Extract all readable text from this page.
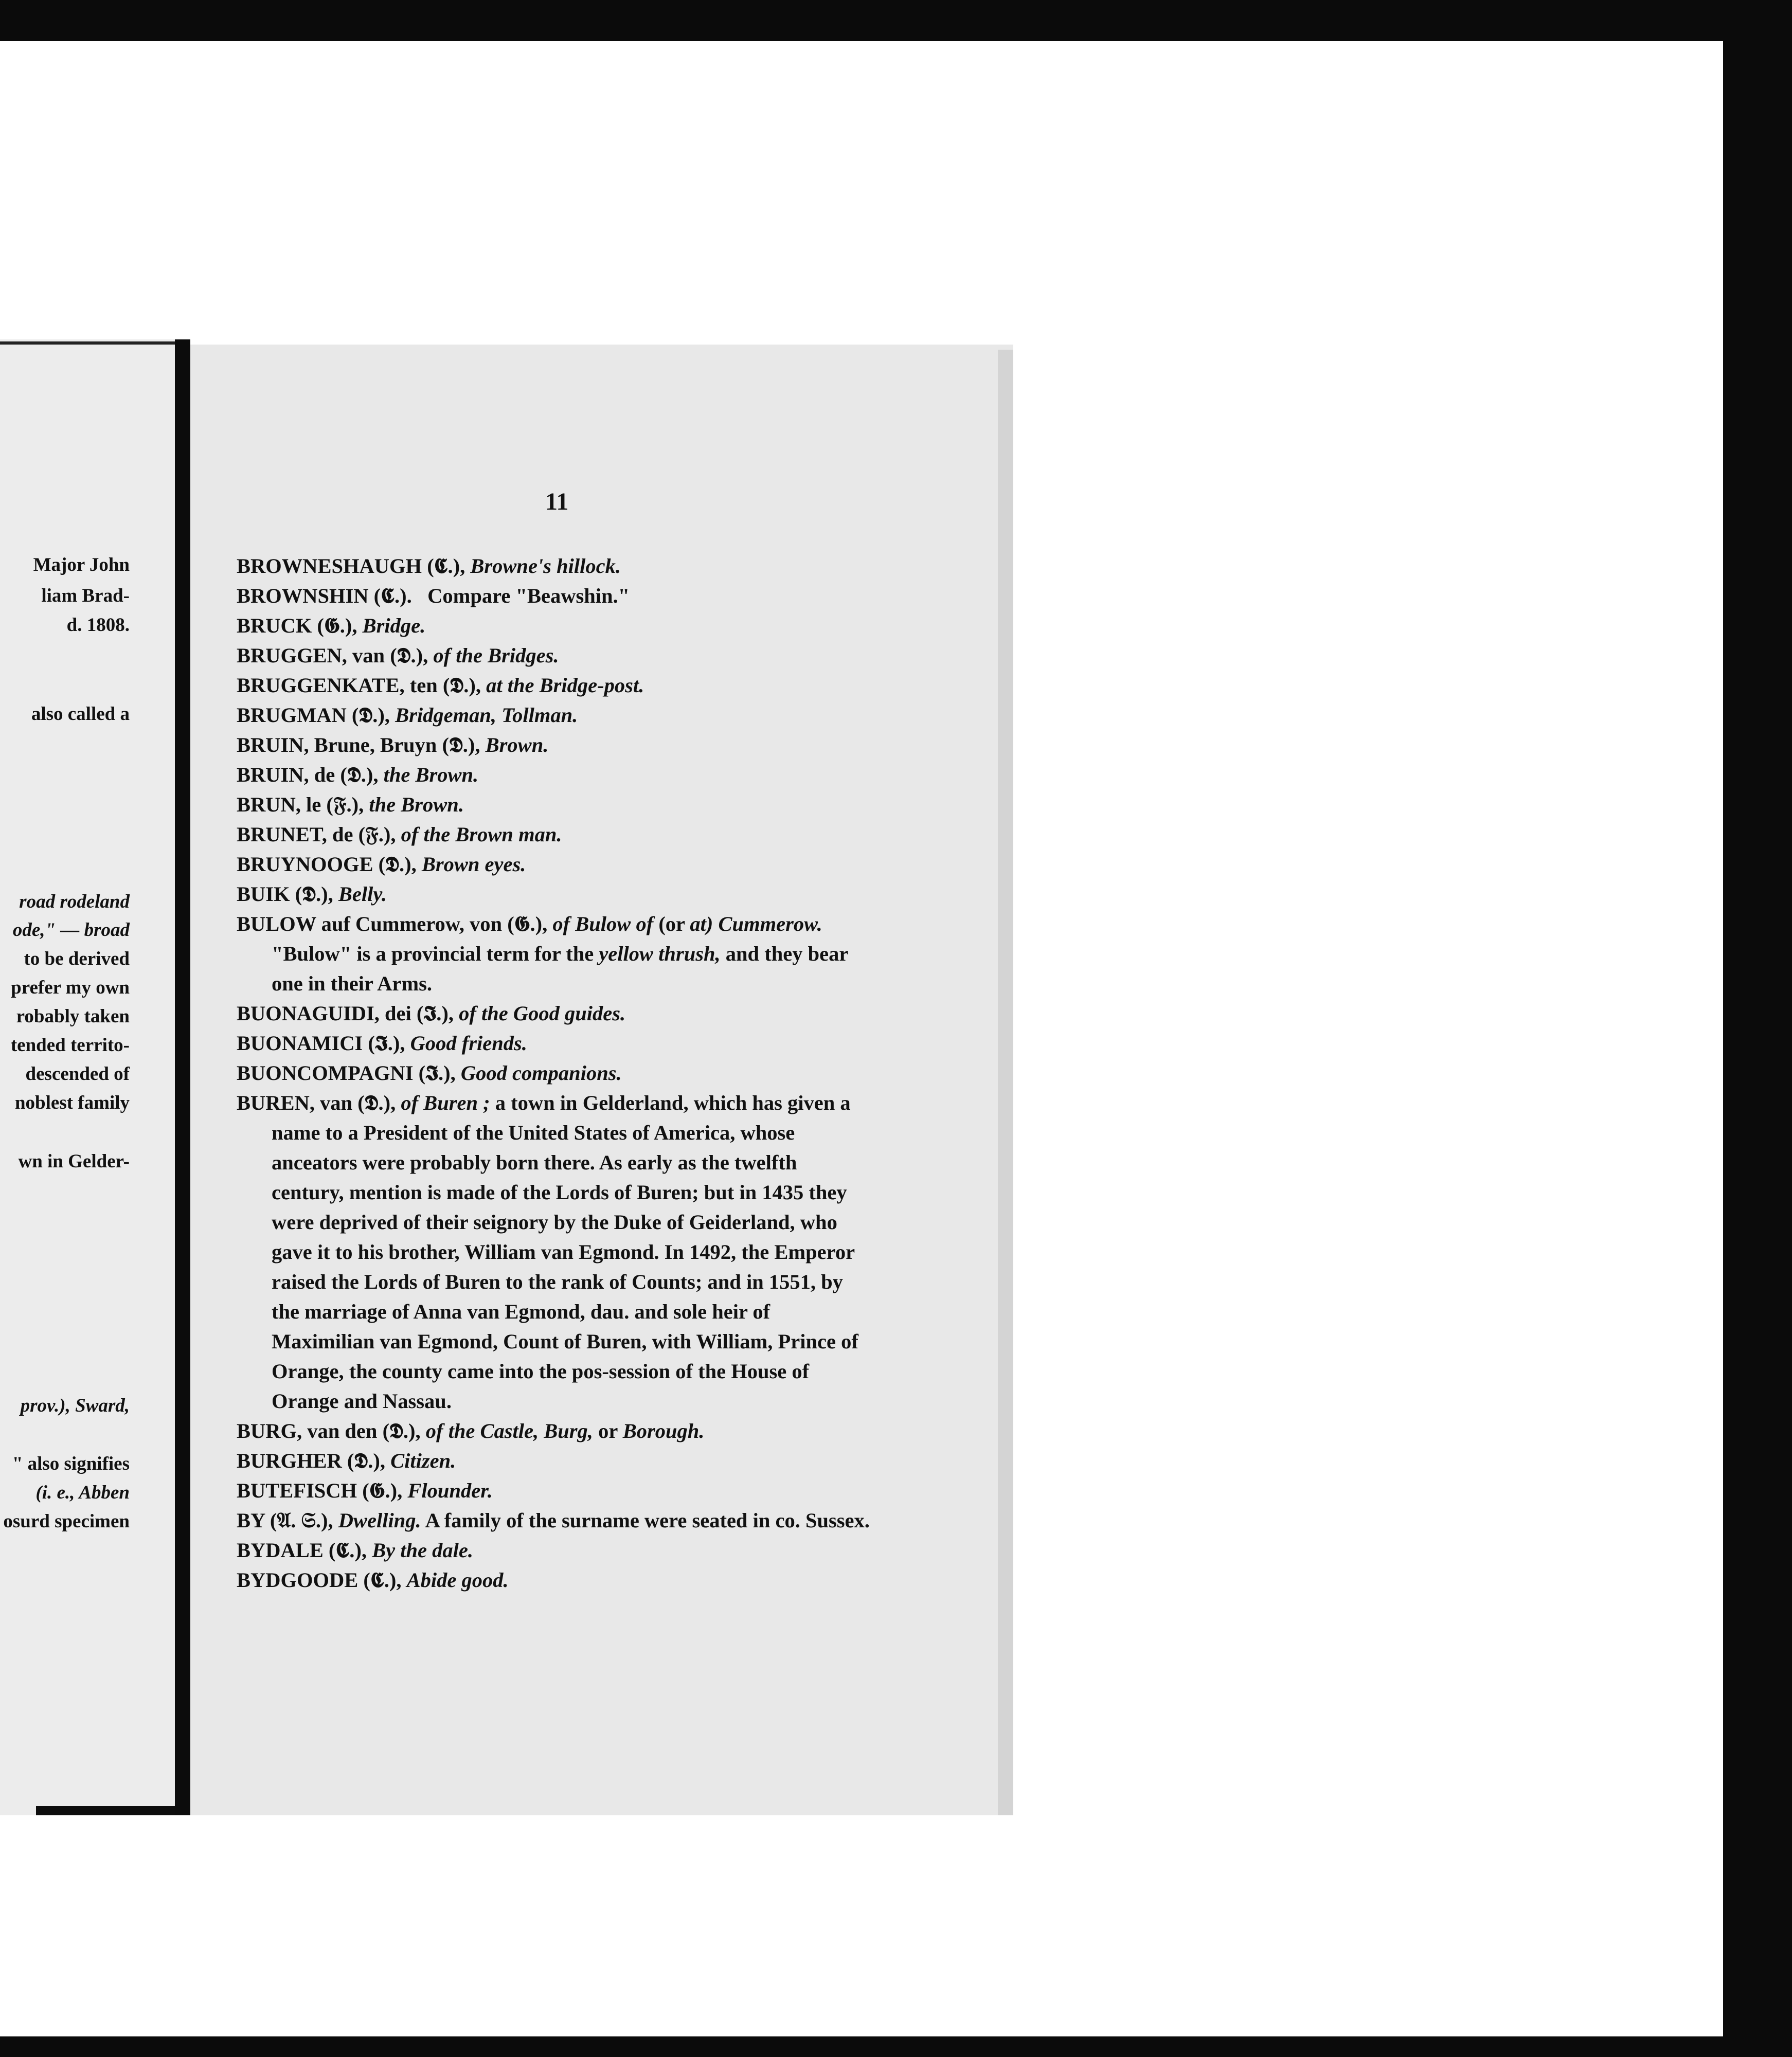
Major John
liam Brad-
d. 1808.
also called a
road rodeland
ode," — broad
to be derived
prefer my own
robably taken
tended territo-
descended of
noblest family
wn in Gelder-
prov.), Sward,
" also signifies
(i. e., Abben
osurd specimen
11
BROWNESHAUGH (𝕮.), Browne's hillock.
BROWNSHIN (𝕮.). Compare "Beawshin."
BRUCK (𝕲.), Bridge.
BRUGGEN, van (𝕯.), of the Bridges.
BRUGGENKATE, ten (𝕯.), at the Bridge-post.
BRUGMAN (𝕯.), Bridgeman, Tollman.
BRUIN, Brune, Bruyn (𝕯.), Brown.
BRUIN, de (𝕯.), the Brown.
BRUN, le (𝔉.), the Brown.
BRUNET, de (𝔉.), of the Brown man.
BRUYNOOGE (𝕯.), Brown eyes.
BUIK (𝕯.), Belly.
BULOW auf Cummerow, von (𝕲.), of Bulow of (or at) Cummerow. "Bulow" is a provincial term for the yellow thrush, and they bear one in their Arms.
BUONAGUIDI, dei (𝕴.), of the Good guides.
BUONAMICI (𝕴.), Good friends.
BUONCOMPAGNI (𝕴.), Good companions.
BUREN, van (𝕯.), of Buren ; a town in Gelderland, which has given a name to a President of the United States of America, whose anceators were probably born there. As early as the twelfth century, mention is made of the Lords of Buren; but in 1435 they were deprived of their seignory by the Duke of Geiderland, who gave it to his brother, William van Egmond. In 1492, the Emperor raised the Lords of Buren to the rank of Counts; and in 1551, by the marriage of Anna van Egmond, dau. and sole heir of Maximilian van Egmond, Count of Buren, with William, Prince of Orange, the county came into the pos-session of the House of Orange and Nassau.
BURG, van den (𝕯.), of the Castle, Burg, or Borough.
BURGHER (𝕯.), Citizen.
BUTEFISCH (𝕲.), Flounder.
BY (𝔄. 𝔖.), Dwelling. A family of the surname were seated in co. Sussex.
BYDALE (𝕮.), By the dale.
BYDGOODE (𝕮.), Abide good.
